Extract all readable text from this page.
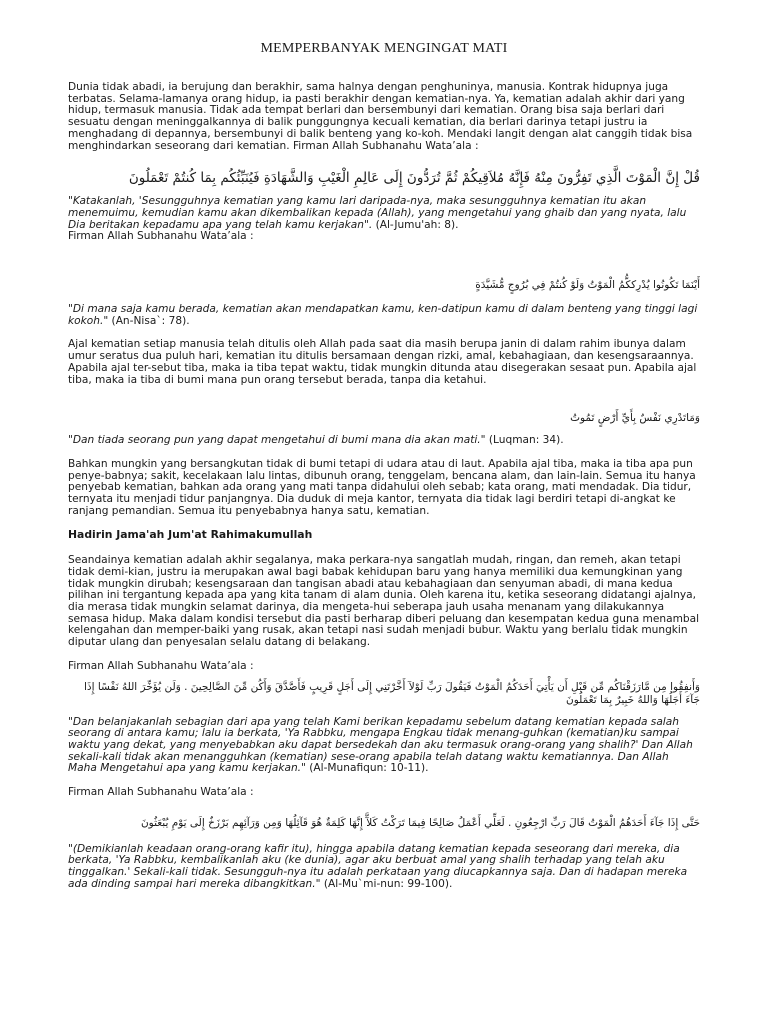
MEMPERBANYAK MENGINGAT MATI

Dunia tidak abadi, ia berujung dan berakhir, sama halnya dengan penghuninya, manusia. Kontrak hidupnya juga terbatas. Selama-lamanya orang hidup, ia pasti berakhir dengan kematian-nya. Ya, kematian adalah akhir dari yang hidup, termasuk manusia. Tidak ada tempat berlari dan bersembunyi dari kematian. Orang bisa saja berlari dari sesuatu dengan meninggalkannya di balik punggungnya kecuali kematian, dia berlari darinya tetapi justru ia menghadang di depannya, bersembunyi di balik benteng yang ko-koh. Mendaki langit dengan alat canggih tidak bisa menghindarkan seseorang dari kematian. Firman Allah Subhanahu Wata’ala :

قُلْ إِنَّ الْمَوْتَ الَّذِي تَفِرُّونَ مِنْهُ فَإِنَّهُ مُلاَقِيكُمْ ثُمَّ تُرَدُّونَ إِلَى عَالِمِ الْغَيْبِ وَالشَّهَادَةِ فَيُنَبِّئُكُم بِمَا كُنتُمْ تَعْمَلُونَ

"Katakanlah, 'Sesungguhnya kematian yang kamu lari daripada-nya, maka sesungguhnya kematian itu akan menemuimu, kemudian kamu akan dikembalikan kepada (Allah), yang mengetahui yang ghaib dan yang nyata, lalu Dia beritakan kepadamu apa yang telah kamu kerjakan". (Al-Jumu'ah: 8).

Firman Allah Subhanahu Wata’ala :

أَيْنَمَا تَكُونُوا يُدْرِككُّمُ الْمَوْتُ وَلَوْ كُنتُمْ فِي بُرُوجٍ مُّشَيَّدَةٍ

"Di mana saja kamu berada, kematian akan mendapatkan kamu, ken-datipun kamu di dalam benteng yang tinggi lagi kokoh." (An-Nisa`: 78).

Ajal kematian setiap manusia telah ditulis oleh Allah pada saat dia masih berupa janin di dalam rahim ibunya dalam umur seratus dua puluh hari, kematian itu ditulis bersamaan dengan rizki, amal, kebahagiaan, dan kesengsaraannya. Apabila ajal ter-sebut tiba, maka ia tiba tepat waktu, tidak mungkin ditunda atau disegerakan sesaat pun. Apabila ajal tiba, maka ia tiba di bumi mana pun orang tersebut berada, tanpa dia ketahui.

وَمَاتَدْرِي نَفْسٌ بِأَيِّ أَرْضٍ تَمُوتُ

"Dan tiada seorang pun yang dapat mengetahui di bumi mana dia akan mati." (Luqman: 34).

Bahkan mungkin yang bersangkutan tidak di bumi tetapi di udara atau di laut. Apabila ajal tiba, maka ia tiba apa pun penye-babnya; sakit, kecelakaan lalu lintas, dibunuh orang, tenggelam, bencana alam, dan lain-lain. Semua itu hanya penyebab kematian, bahkan ada orang yang mati tanpa didahului oleh sebab; kata orang, mati mendadak. Dia tidur, ternyata itu menjadi tidur panjangnya. Dia duduk di meja kantor, ternyata dia tidak lagi berdiri tetapi di-angkat ke ranjang pemandian. Semua itu penyebabnya hanya satu, kematian.

Hadirin Jama'ah Jum'at Rahimakumullah

Seandainya kematian adalah akhir segalanya, maka perkara-nya sangatlah mudah, ringan, dan remeh, akan tetapi tidak demi-kian, justru ia merupakan awal bagi babak kehidupan baru yang hanya memiliki dua kemungkinan yang tidak mungkin dirubah; kesengsaraan dan tangisan abadi atau kebahagiaan dan senyuman abadi, di mana kedua pilihan ini tergantung kepada apa yang kita tanam di alam dunia. Oleh karena itu, ketika seseorang didatangi ajalnya, dia merasa tidak mungkin selamat darinya, dia mengeta-hui seberapa jauh usaha menanam yang dilakukannya semasa hidup. Maka dalam kondisi tersebut dia pasti berharap diberi peluang dan kesempatan kedua guna menambal kelengahan dan memper-baiki yang rusak, akan tetapi nasi sudah menjadi bubur. Waktu yang berlalu tidak mungkin diputar ulang dan penyesalan selalu datang di belakang.

Firman Allah Subhanahu Wata’ala :

وَأَنفِقُوا مِن مَّارَزَقْنَاكُم مِّن قَبْلِ أَن يَأْتِيَ أَحَدَكُمُ الْمَوْتُ فَيَقُولَ رَبِّ لَوْلآ أَخَّرْتَنِي إِلَى أَجَلٍ قَرِيبٍ فَأَصَّدَّقَ وَأَكُن مِّنَ الصَّالِحِينَ . وَلَن يُؤَخِّرَ اللهُ نَفْسًا إِذَا جَآءَ أَجَلُهَا وَاللهُ خَبِيرٌ بِمَا تَعْمَلُونَ

"Dan belanjakanlah sebagian dari apa yang telah Kami berikan kepadamu sebelum datang kematian kepada salah seorang di antara kamu; lalu ia berkata, 'Ya Rabbku, mengapa Engkau tidak menang-guhkan (kematian)ku sampai waktu yang dekat, yang menyebabkan aku dapat bersedekah dan aku termasuk orang-orang yang shalih?' Dan Allah sekali-kali tidak akan menangguhkan (kematian) sese-orang apabila telah datang waktu kematiannya. Dan Allah Maha Mengetahui apa yang kamu kerjakan." (Al-Munafiqun: 10-11).

Firman Allah Subhanahu Wata’ala :

حَتَّى إِذَا جَآءَ أَحَدَهُمُ الْمَوْتُ قَالَ رَبِّ ارْجِعُونِ . لَعَلِّي أَعْمَلُ صَالِحًا فِيمَا تَرَكْتُ كَلآَّ إِنَّهَا كَلِمَةٌ هُوَ قَآئِلُهَا وَمِن وَرَآئِهِم بَرْزَخٌ إِلَى يَوْمِ يُبْعَثُونَ

"(Demikianlah keadaan orang-orang kafir itu), hingga apabila datang kematian kepada seseorang dari mereka, dia berkata, 'Ya Rabbku, kembalikanlah aku (ke dunia), agar aku berbuat amal yang shalih terhadap yang telah aku tinggalkan.' Sekali-kali tidak. Sesungguh-nya itu adalah perkataan yang diucapkannya saja. Dan di hadapan mereka ada dinding sampai hari mereka dibangkitkan." (Al-Mu`mi-nun: 99-100).
